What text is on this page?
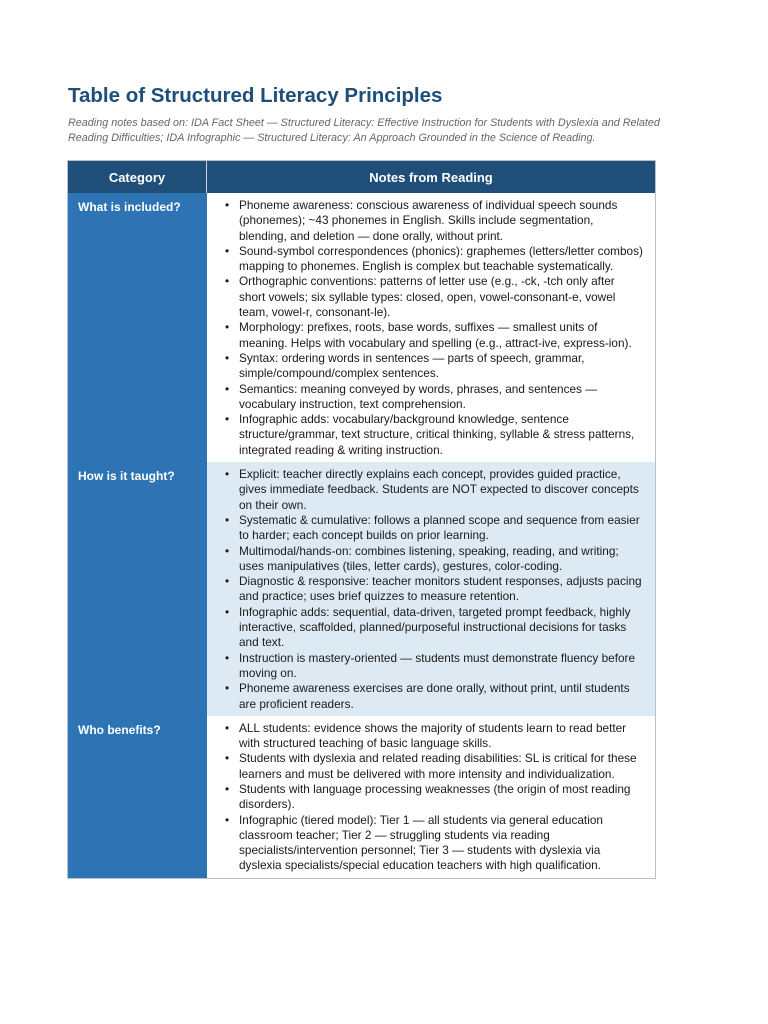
Table of Structured Literacy Principles

Reading notes based on: IDA Fact Sheet — Structured Literacy: Effective Instruction for Students with Dyslexia and Related Reading Difficulties; IDA Infographic — Structured Literacy: An Approach Grounded in the Science of Reading.

Category	Notes from Reading
What is included?	• Phoneme awareness: conscious awareness of individual speech sounds (phonemes); ~43 phonemes in English. Skills include segmentation, blending, and deletion — done orally, without print.
• Sound-symbol correspondences (phonics): graphemes (letters/letter combos) mapping to phonemes. English is complex but teachable systematically.
• Orthographic conventions: patterns of letter use (e.g., -ck, -tch only after short vowels; six syllable types: closed, open, vowel-consonant-e, vowel team, vowel-r, consonant-le).
• Morphology: prefixes, roots, base words, suffixes — smallest units of meaning. Helps with vocabulary and spelling (e.g., attract-ive, express-ion).
• Syntax: ordering words in sentences — parts of speech, grammar, simple/compound/complex sentences.
• Semantics: meaning conveyed by words, phrases, and sentences — vocabulary instruction, text comprehension.
• Infographic adds: vocabulary/background knowledge, sentence structure/grammar, text structure, critical thinking, syllable & stress patterns, integrated reading & writing instruction.
How is it taught?	• Explicit: teacher directly explains each concept, provides guided practice, gives immediate feedback. Students are NOT expected to discover concepts on their own.
• Systematic & cumulative: follows a planned scope and sequence from easier to harder; each concept builds on prior learning.
• Multimodal/hands-on: combines listening, speaking, reading, and writing; uses manipulatives (tiles, letter cards), gestures, color-coding.
• Diagnostic & responsive: teacher monitors student responses, adjusts pacing and practice; uses brief quizzes to measure retention.
• Infographic adds: sequential, data-driven, targeted prompt feedback, highly interactive, scaffolded, planned/purposeful instructional decisions for tasks and text.
• Instruction is mastery-oriented — students must demonstrate fluency before moving on.
• Phoneme awareness exercises are done orally, without print, until students are proficient readers.
Who benefits?	• ALL students: evidence shows the majority of students learn to read better with structured teaching of basic language skills.
• Students with dyslexia and related reading disabilities: SL is critical for these learners and must be delivered with more intensity and individualization.
• Students with language processing weaknesses (the origin of most reading disorders).
• Infographic (tiered model): Tier 1 — all students via general education classroom teacher; Tier 2 — struggling students via reading specialists/intervention personnel; Tier 3 — students with dyslexia via dyslexia specialists/special education teachers with high qualification.
